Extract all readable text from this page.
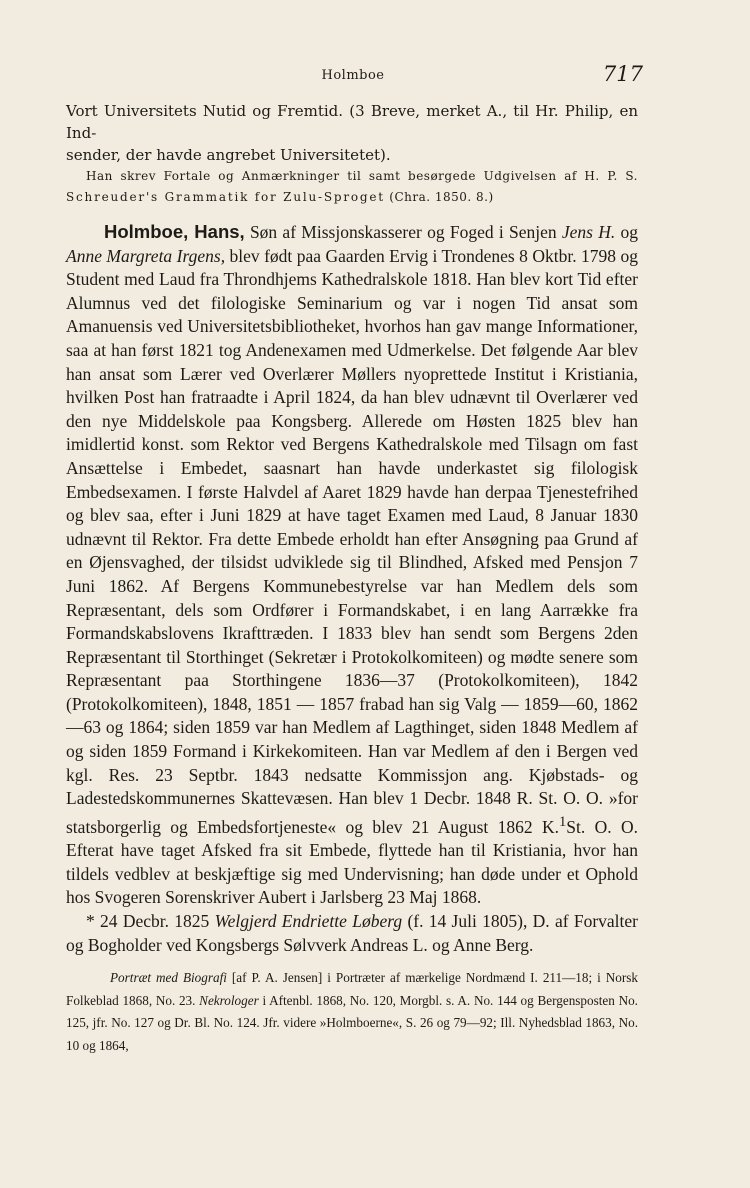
Holmboe	717

Vort Universitets Nutid og Fremtid. (3 Breve, merket A., til Hr. Philip, en Ind-
sender, der havde angrebet Universitetet).

Han skrev Fortale og Anmærkninger til samt besørgede Udgivelsen af H. P. S. Schreuder's Grammatik for Zulu-Sproget (Chra. 1850. 8.)

Holmboe, Hans, Søn af Missjonskasserer og Foged i Senjen Jens H. og Anne Margreta Irgens, blev født paa Gaarden Ervig i Trondenes 8 Oktbr. 1798 og Student med Laud fra Throndhjems Kathedralskole 1818. Han blev kort Tid efter Alumnus ved det filologiske Seminarium og var i nogen Tid ansat som Amanuensis ved Universitetsbibliotheket, hvorhos han gav mange Informationer, saa at han først 1821 tog Andenexamen med Udmerkelse. Det følgende Aar blev han ansat som Lærer ved Overlærer Møllers nyoprettede Institut i Kristiania, hvilken Post han fratraadte i April 1824, da han blev udnævnt til Overlærer ved den nye Middelskole paa Kongsberg. Allerede om Høsten 1825 blev han imidlertid konst. som Rektor ved Bergens Kathedralskole med Tilsagn om fast Ansættelse i Embedet, saasnart han havde underkastet sig filologisk Embedsexamen. I første Halvdel af Aaret 1829 havde han derpaa Tjenestefrihed og blev saa, efter i Juni 1829 at have taget Examen med Laud, 8 Januar 1830 udnævnt til Rektor. Fra dette Embede erholdt han efter Ansøgning paa Grund af en Øjensvaghed, der tilsidst udviklede sig til Blindhed, Afsked med Pensjon 7 Juni 1862. Af Bergens Kommunebestyrelse var han Medlem dels som Repræsentant, dels som Ordfører i Formandskabet, i en lang Aarrække fra Formandskabslovens Ikrafttræden. I 1833 blev han sendt som Bergens 2den Repræsentant til Storthinget (Sekretær i Protokolkomiteen) og mødte senere som Repræsentant paa Storthingene 1836—37 (Protokolkomiteen), 1842 (Protokolkomiteen), 1848, 1851 — 1857 frabad han sig Valg — 1859—60, 1862—63 og 1864; siden 1859 var han Medlem af Lagthinget, siden 1848 Medlem af og siden 1859 Formand i Kirkekomiteen. Han var Medlem af den i Bergen ved kgl. Res. 23 Septbr. 1843 nedsatte Kommissjon ang. Kjøbstads- og Ladestedskommunernes Skattevæsen. Han blev 1 Decbr. 1848 R. St. O. O. »for statsborgerlig og Embedsfortjeneste« og blev 21 August 1862 K.$^1$St. O. O. Efterat have taget Afsked fra sit Embede, flyttede han til Kristiania, hvor han tildels vedblev at beskjæftige sig med Undervisning; han døde under et Ophold hos Svogeren Sorenskriver Aubert i Jarlsberg 23 Maj 1868.

* 24 Decbr. 1825 Welgjerd Endriette Løberg (f. 14 Juli 1805), D. af Forvalter og Bogholder ved Kongsbergs Sølvverk Andreas L. og Anne Berg.

Portræt med Biografi [af P. A. Jensen] i Portræter af mærkelige Nordmænd I. 211—18; i Norsk Folkeblad 1868, No. 23. Nekrologer i Aftenbl. 1868, No. 120, Morgbl. s. A. No. 144 og Bergensposten No. 125, jfr. No. 127 og Dr. Bl. No. 124. Jfr. videre »Holmboerne«, S. 26 og 79—92; Ill. Nyhedsblad 1863, No. 10 og 1864,
